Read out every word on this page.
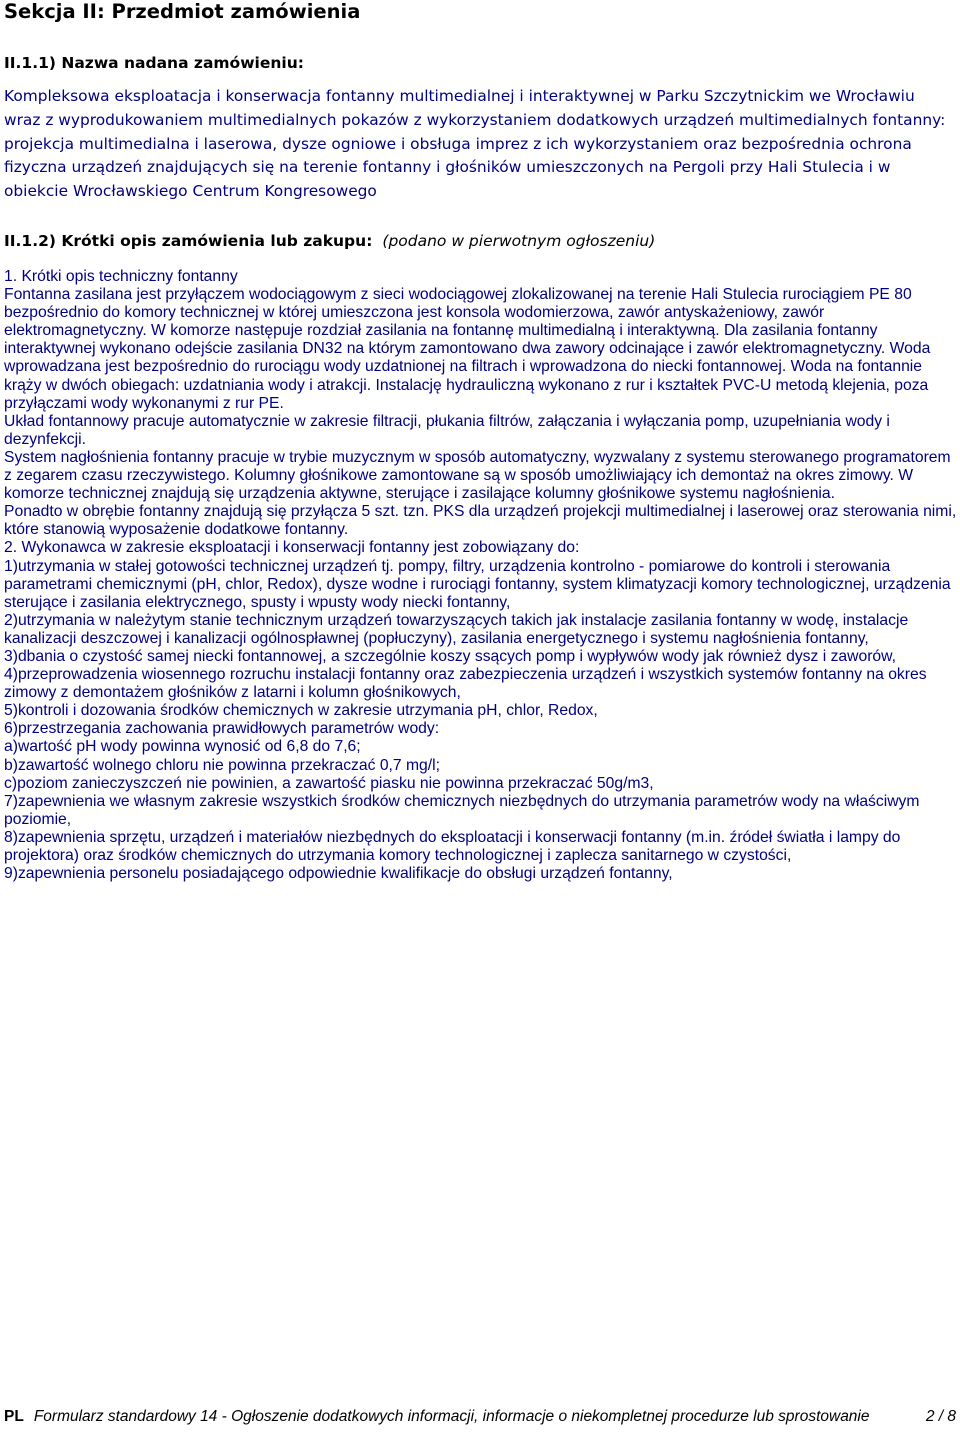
Sekcja II: Przedmiot zamówienia
II.1.1) Nazwa nadana zamówieniu:

Kompleksowa eksploatacja i konserwacja fontanny multimedialnej i interaktywnej w Parku Szczytnickim we Wrocławiu wraz z wyprodukowaniem multimedialnych pokazów z wykorzystaniem dodatkowych urządzeń multimedialnych fontanny: projekcja multimedialna i laserowa, dysze ogniowe i obsługa imprez z ich wykorzystaniem oraz bezpośrednia ochrona fizyczna urządzeń znajdujących się na terenie fontanny i głośników umieszczonych na Pergoli przy Hali Stulecia i w obiekcie Wrocławskiego Centrum Kongresowego

II.1.2) Krótki opis zamówienia lub zakupu: (podano w pierwotnym ogłoszeniu)

1. Krótki opis techniczny fontanny

Fontanna zasilana jest przyłączem wodociągowym z sieci wodociągowej zlokalizowanej na terenie Hali Stulecia rurociągiem PE 80 bezpośrednio do komory technicznej w której umieszczona jest konsola wodomierzowa, zawór antyskażeniowy, zawór elektromagnetyczny. W komorze następuje rozdział zasilania na fontannę multimedialną i interaktywną. Dla zasilania fontanny interaktywnej wykonano odejście zasilania DN32 na którym zamontowano dwa zawory odcinające i zawór elektromagnetyczny. Woda wprowadzana jest bezpośrednio do rurociągu wody uzdatnionej na filtrach i wprowadzona do niecki fontannowej. Woda na fontannie krąży w dwóch obiegach: uzdatniania wody i atrakcji. Instalację hydrauliczną wykonano z rur i kształtek PVC-U metodą klejenia, poza przyłączami wody wykonanymi z rur PE.

Układ fontannowy pracuje automatycznie w zakresie filtracji, płukania filtrów, załączania i wyłączania pomp, uzupełniania wody i dezynfekcji.

System nagłośnienia fontanny pracuje w trybie muzycznym w sposób automatyczny, wyzwalany z systemu sterowanego programatorem z zegarem czasu rzeczywistego. Kolumny głośnikowe zamontowane są w sposób umożliwiający ich demontaż na okres zimowy. W komorze technicznej znajdują się urządzenia aktywne, sterujące i zasilające kolumny głośnikowe systemu nagłośnienia.

Ponadto w obrębie fontanny znajdują się przyłącza 5 szt. tzn. PKS dla urządzeń projekcji multimedialnej i laserowej oraz sterowania nimi, które stanowią wyposażenie dodatkowe fontanny.

2. Wykonawca w zakresie eksploatacji i konserwacji fontanny jest zobowiązany do:

1)utrzymania w stałej gotowości technicznej urządzeń tj. pompy, filtry, urządzenia kontrolno - pomiarowe do kontroli i sterowania parametrami chemicznymi (pH, chlor, Redox), dysze wodne i rurociągi fontanny, system klimatyzacji komory technologicznej, urządzenia sterujące i zasilania elektrycznego, spusty i wpusty wody niecki fontanny,

2)utrzymania w należytym stanie technicznym urządzeń towarzyszących takich jak instalacje zasilania fontanny w wodę, instalacje kanalizacji deszczowej i kanalizacji ogólnospławnej (popłuczyny), zasilania energetycznego i systemu nagłośnienia fontanny,

3)dbania o czystość samej niecki fontannowej, a szczególnie koszy ssących pomp i wypływów wody jak również dysz i zaworów,

4)przeprowadzenia wiosennego rozruchu instalacji fontanny oraz zabezpieczenia urządzeń i wszystkich systemów fontanny na okres zimowy z demontażem głośników z latarni i kolumn głośnikowych,

5)kontroli i dozowania środków chemicznych w zakresie utrzymania pH, chlor, Redox,

6)przestrzegania zachowania prawidłowych parametrów wody:

a)wartość pH wody powinna wynosić od 6,8 do 7,6;

b)zawartość wolnego chloru nie powinna przekraczać 0,7 mg/l;

c)poziom zanieczyszczeń nie powinien, a zawartość piasku nie powinna przekraczać 50g/m3,

7)zapewnienia we własnym zakresie wszystkich środków chemicznych niezbędnych do utrzymania parametrów wody na właściwym poziomie,

8)zapewnienia sprzętu, urządzeń i materiałów niezbędnych do eksploatacji i konserwacji fontanny (m.in. źródeł światła i lampy do projektora) oraz środków chemicznych do utrzymania komory technologicznej i zaplecza sanitarnego w czystości,

9)zapewnienia personelu posiadającego odpowiednie kwalifikacje do obsługi urządzeń fontanny,

PL Formularz standardowy 14 - Ogłoszenie dodatkowych informacji, informacje o niekompletnej procedurze lub sprostowanie	2 / 8
